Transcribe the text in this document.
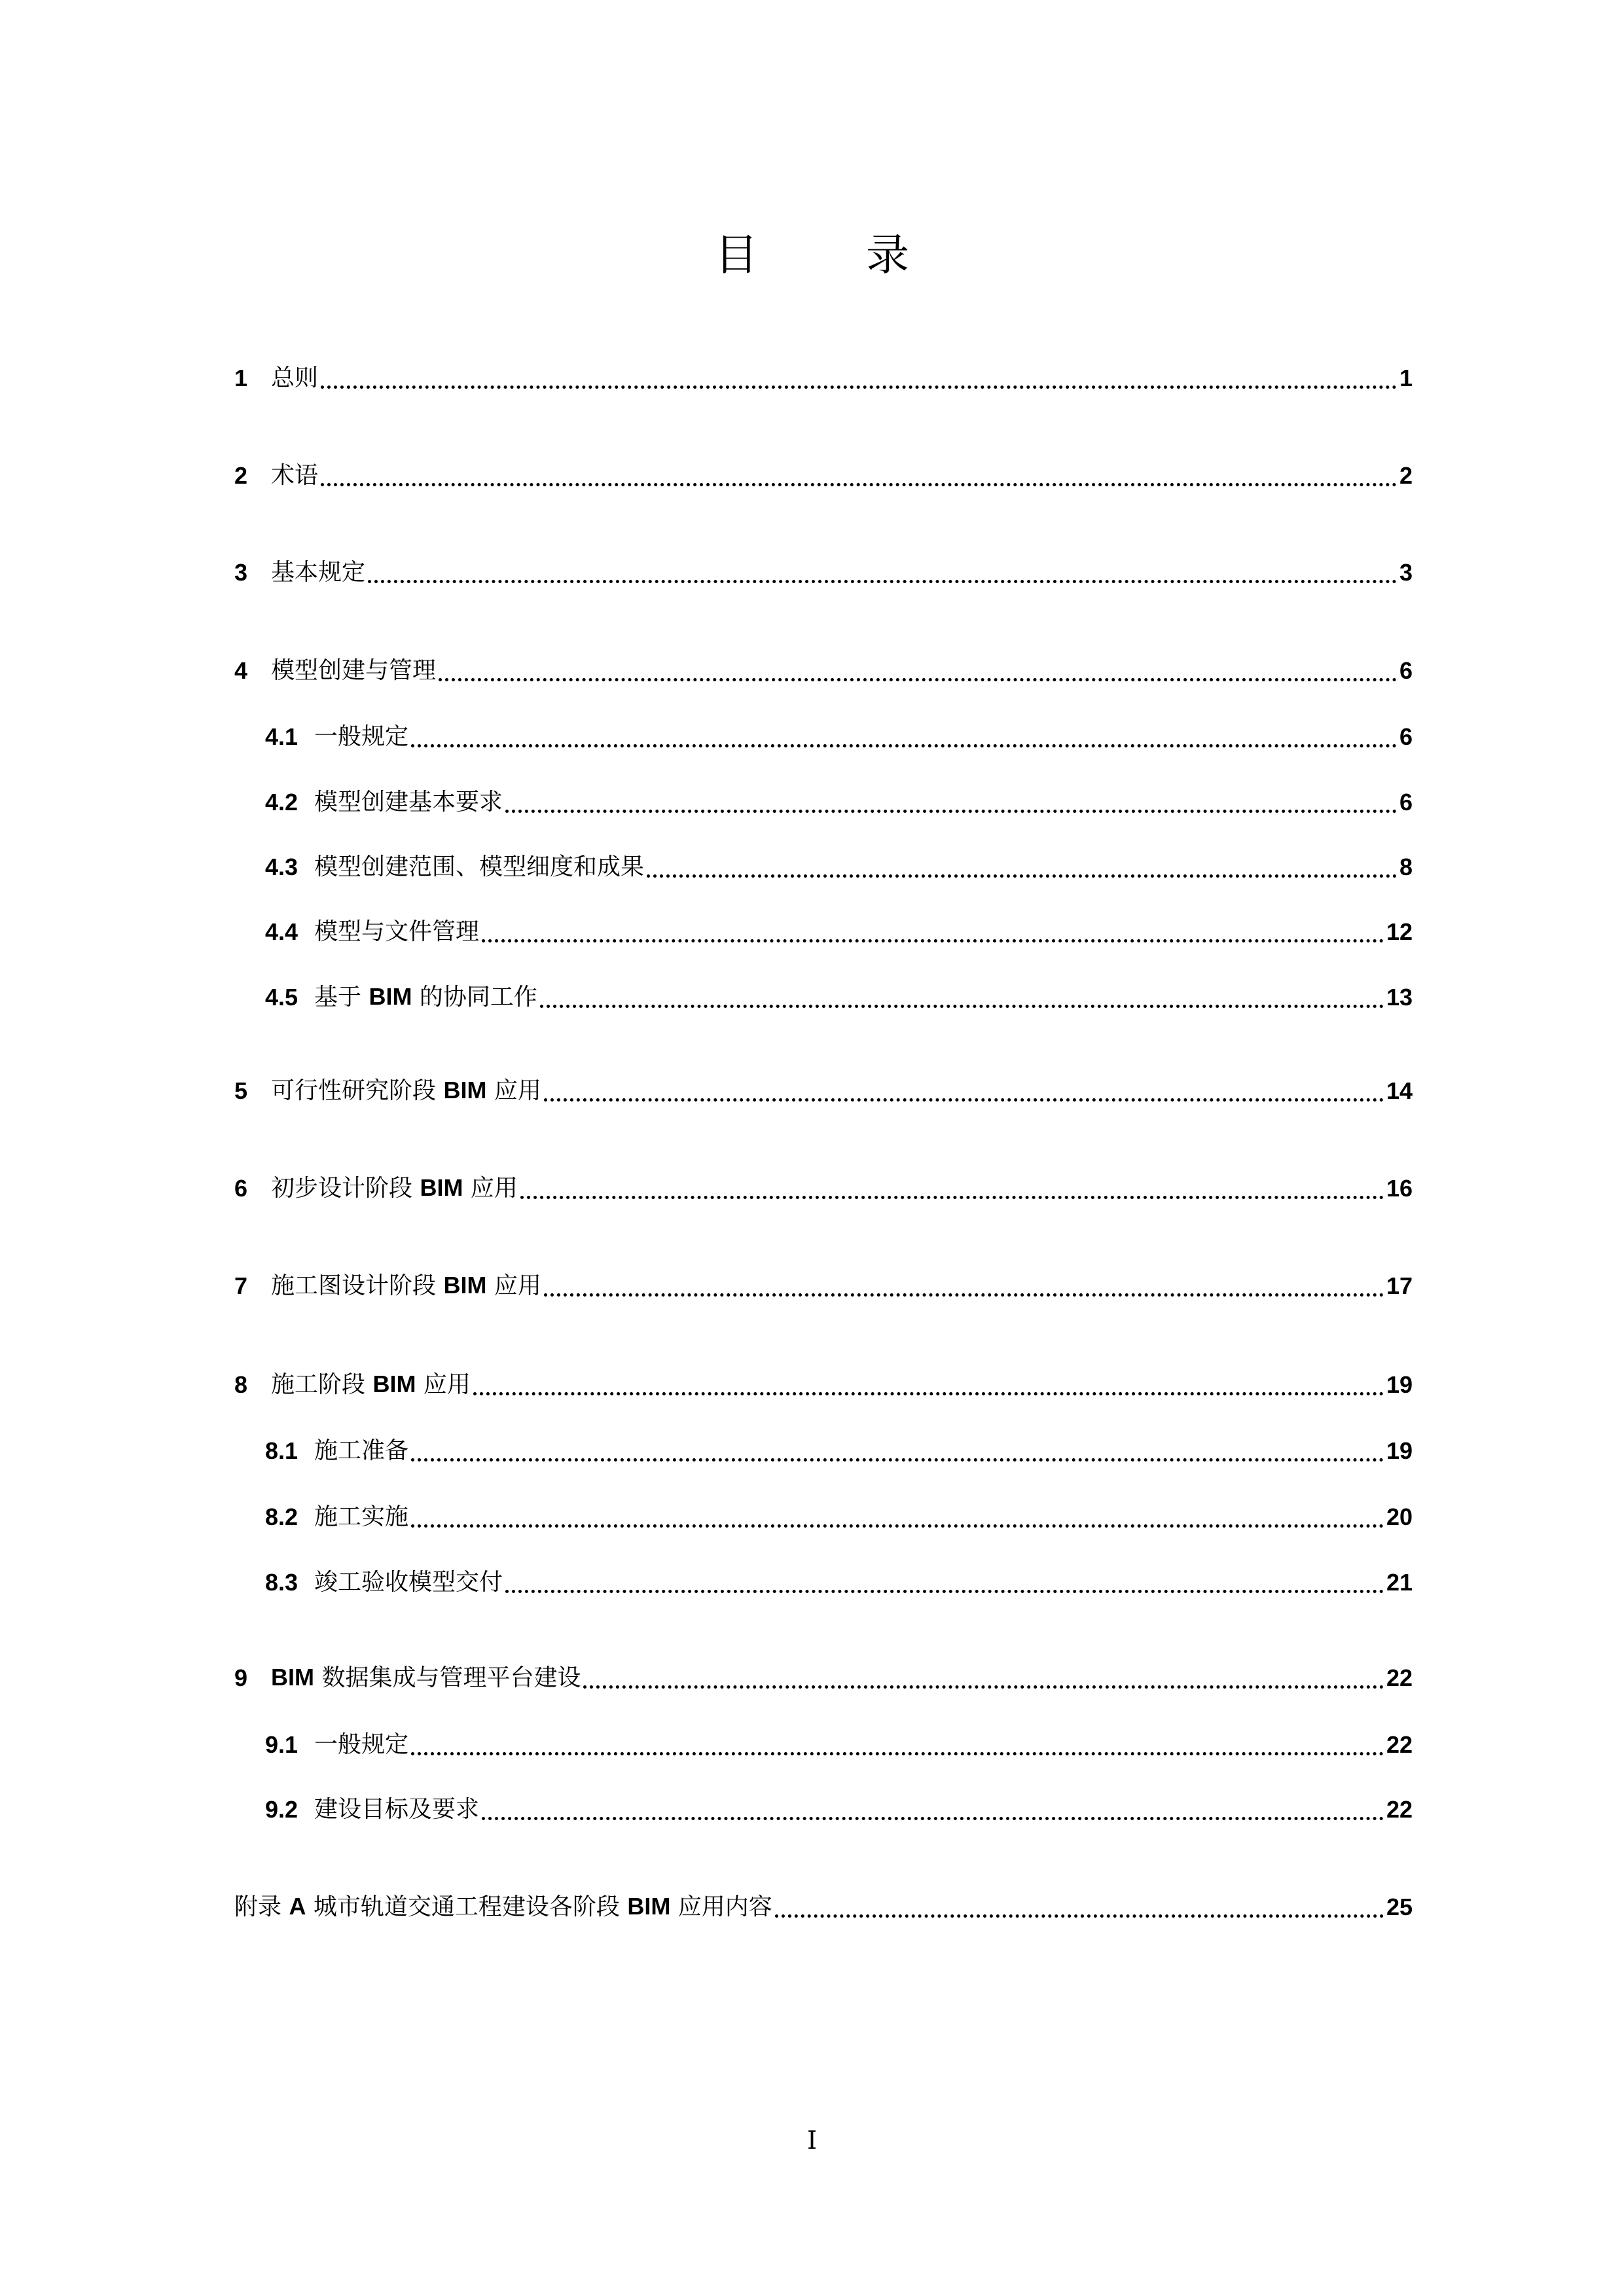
目 录
1 总则	1
2 术语	2
3 基本规定	3
4 模型创建与管理	6
4.1 一般规定	6
4.2 模型创建基本要求	6
4.3 模型创建范围、模型细度和成果	8
4.4 模型与文件管理	12
4.5 基于 BIM 的协同工作	13
5 可行性研究阶段 BIM 应用	14
6 初步设计阶段 BIM 应用	16
7 施工图设计阶段 BIM 应用	17
8 施工阶段 BIM 应用	19
8.1 施工准备	19
8.2 施工实施	20
8.3 竣工验收模型交付	21
9 BIM 数据集成与管理平台建设	22
9.1 一般规定	22
9.2 建设目标及要求	22
附录 A 城市轨道交通工程建设各阶段 BIM 应用内容	25
I
